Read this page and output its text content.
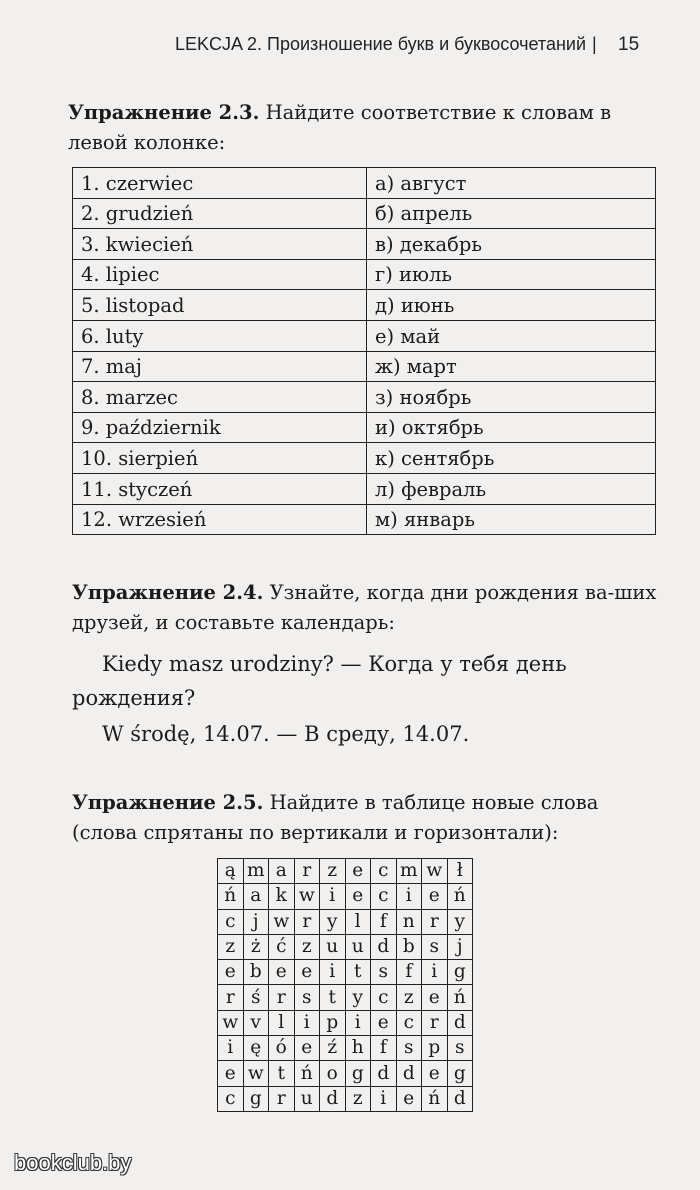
LEKCJA 2. Произношение букв и буквосочетаний | 15
Упражнение 2.3. Найдите соответствие к словам в левой колонке:
1. czerwiec	а) август
2. grudzień	б) апрель
3. kwiecień	в) декабрь
4. lipiec	г) июль
5. listopad	д) июнь
6. luty	е) май
7. maj	ж) март
8. marzec	з) ноябрь
9. październik	и) октябрь
10. sierpień	к) сентябрь
11. styczeń	л) февраль
12. wrzesień	м) январь
Упражнение 2.4. Узнайте, когда дни рождения ва-ших друзей, и составьте календарь:
Kiedy masz urodziny? — Когда у тебя день
рождения?
W środę, 14.07. — В среду, 14.07.
Упражнение 2.5. Найдите в таблице новые слова (слова спрятаны по вертикали и горизонтали):
ą	m	a	r	z	e	c	m	w	ł
ń	a	k	w	i	e	c	i	e	ń
c	j	w	r	y	l	f	n	r	y
z	ż	ć	z	u	u	d	b	s	j
e	b	e	e	i	t	s	f	i	g
r	ś	r	s	t	y	c	z	e	ń
w	v	l	i	p	i	e	c	r	d
i	ę	ó	e	ź	h	f	s	p	s
e	w	t	ń	o	g	d	d	e	g
c	g	r	u	d	z	i	e	ń	d
bookclub.by
